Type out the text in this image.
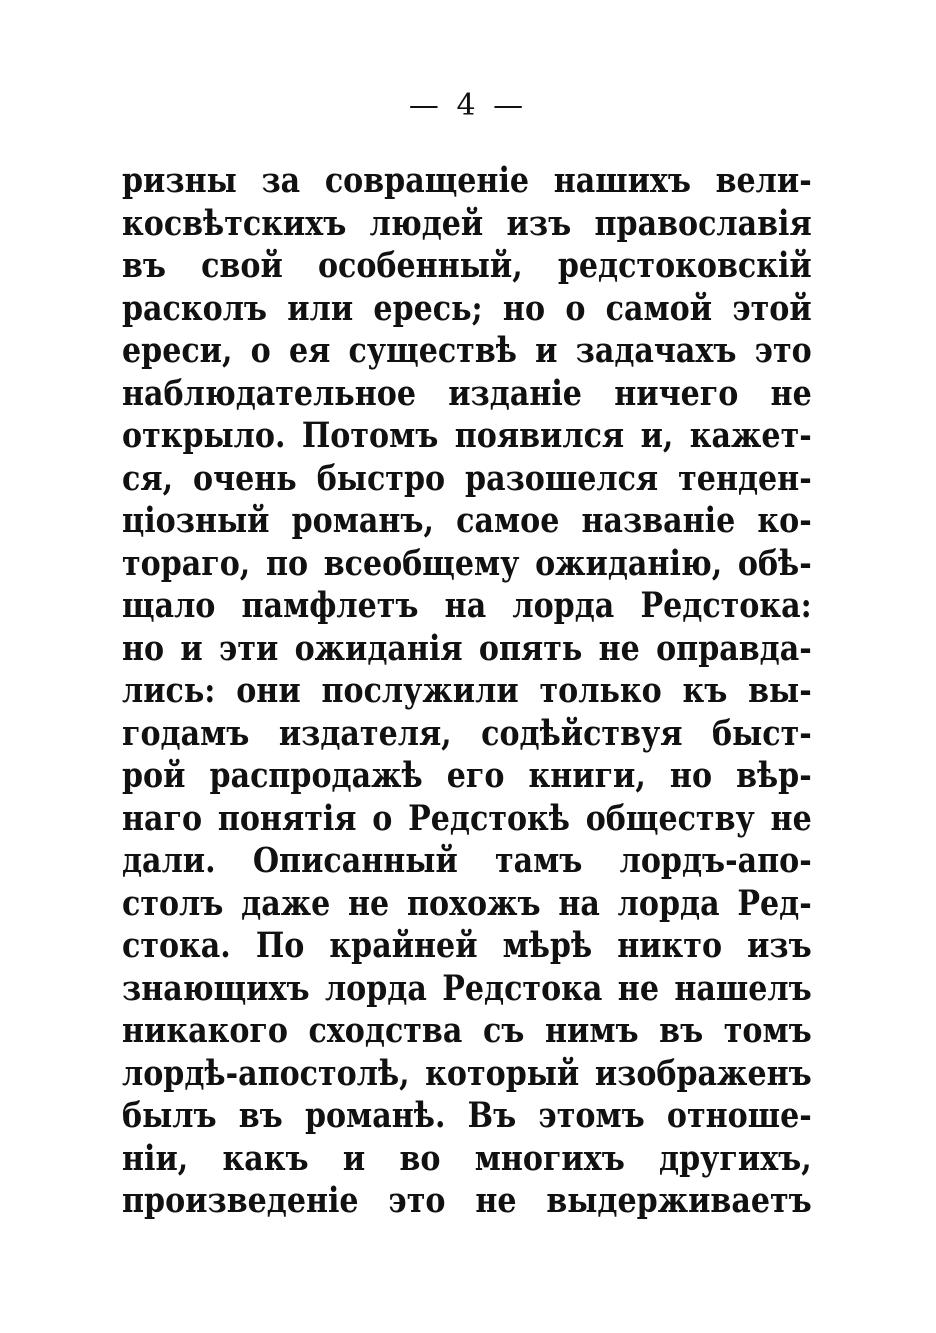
— 4 —
ризны за совращеніе нашихъ вели-
косвѣтскихъ людей изъ православія
въ свой особенный, редстоковскій
расколъ или ересь; но о самой этой
ереси, о ея существѣ и задачахъ это
наблюдательное изданіе ничего не
открыло. Потомъ появился и, кажет-
ся, очень быстро разошелся тенден-
ціозный романъ, самое названіе ко-
тораго, по всеобщему ожиданію, обѣ-
щало памфлетъ на лорда Редстока:
но и эти ожиданія опять не оправда-
лись: они послужили только къ вы-
годамъ издателя, содѣйствуя быст-
рой распродажѣ его книги, но вѣр-
наго понятія о Редстокѣ обществу не
дали. Описанный тамъ лордъ-апо-
столъ даже не похожъ на лорда Ред-
стока. По крайней мѣрѣ никто изъ
знающихъ лорда Редстока не нашелъ
никакого сходства съ нимъ въ томъ
лордѣ-апостолѣ, который изображенъ
былъ въ романѣ. Въ этомъ отноше-
ніи, какъ и во многихъ другихъ,
произведеніе это не выдерживаетъ
